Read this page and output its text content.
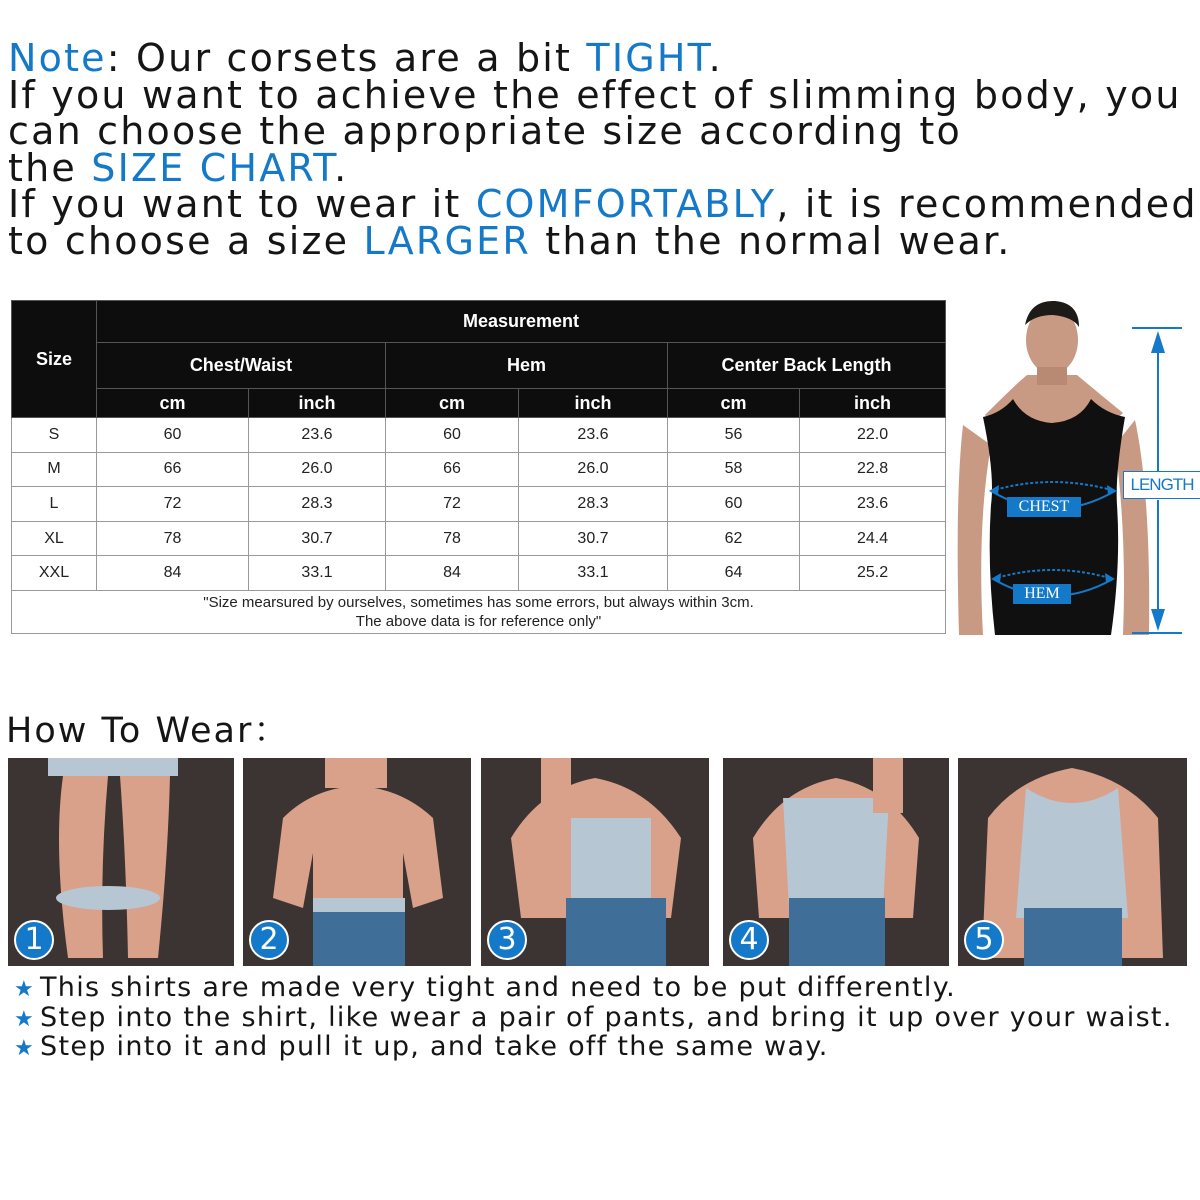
Note: Our corsets are a bit TIGHT.
If you want to achieve the effect of slimming body, you
can choose the appropriate size according to
the SIZE CHART.
If you want to wear it COMFORTABLY, it is recommended
to choose a size LARGER than the normal wear.
Size	Measurement					
	Chest/Waist		Hem		Center Back Length	
	cm	inch	cm	inch	cm	inch
S	60	23.6	60	23.6	56	22.0
M	66	26.0	66	26.0	58	22.8
L	72	28.3	72	28.3	60	23.6
XL	78	30.7	78	30.7	62	24.4
XXL	84	33.1	84	33.1	64	25.2

"Size mearsured by ourselves, sometimes has some errors, but always within 3cm.
The above data is for reference only"						
CHEST
HEM
LENGTH
How To Wear：
1	2	3	4	5
★ This shirts are made very tight and need to be put differently.
★ Step into the shirt, like wear a pair of pants, and bring it up over your waist.
★ Step into it and pull it up, and take off the same way.
